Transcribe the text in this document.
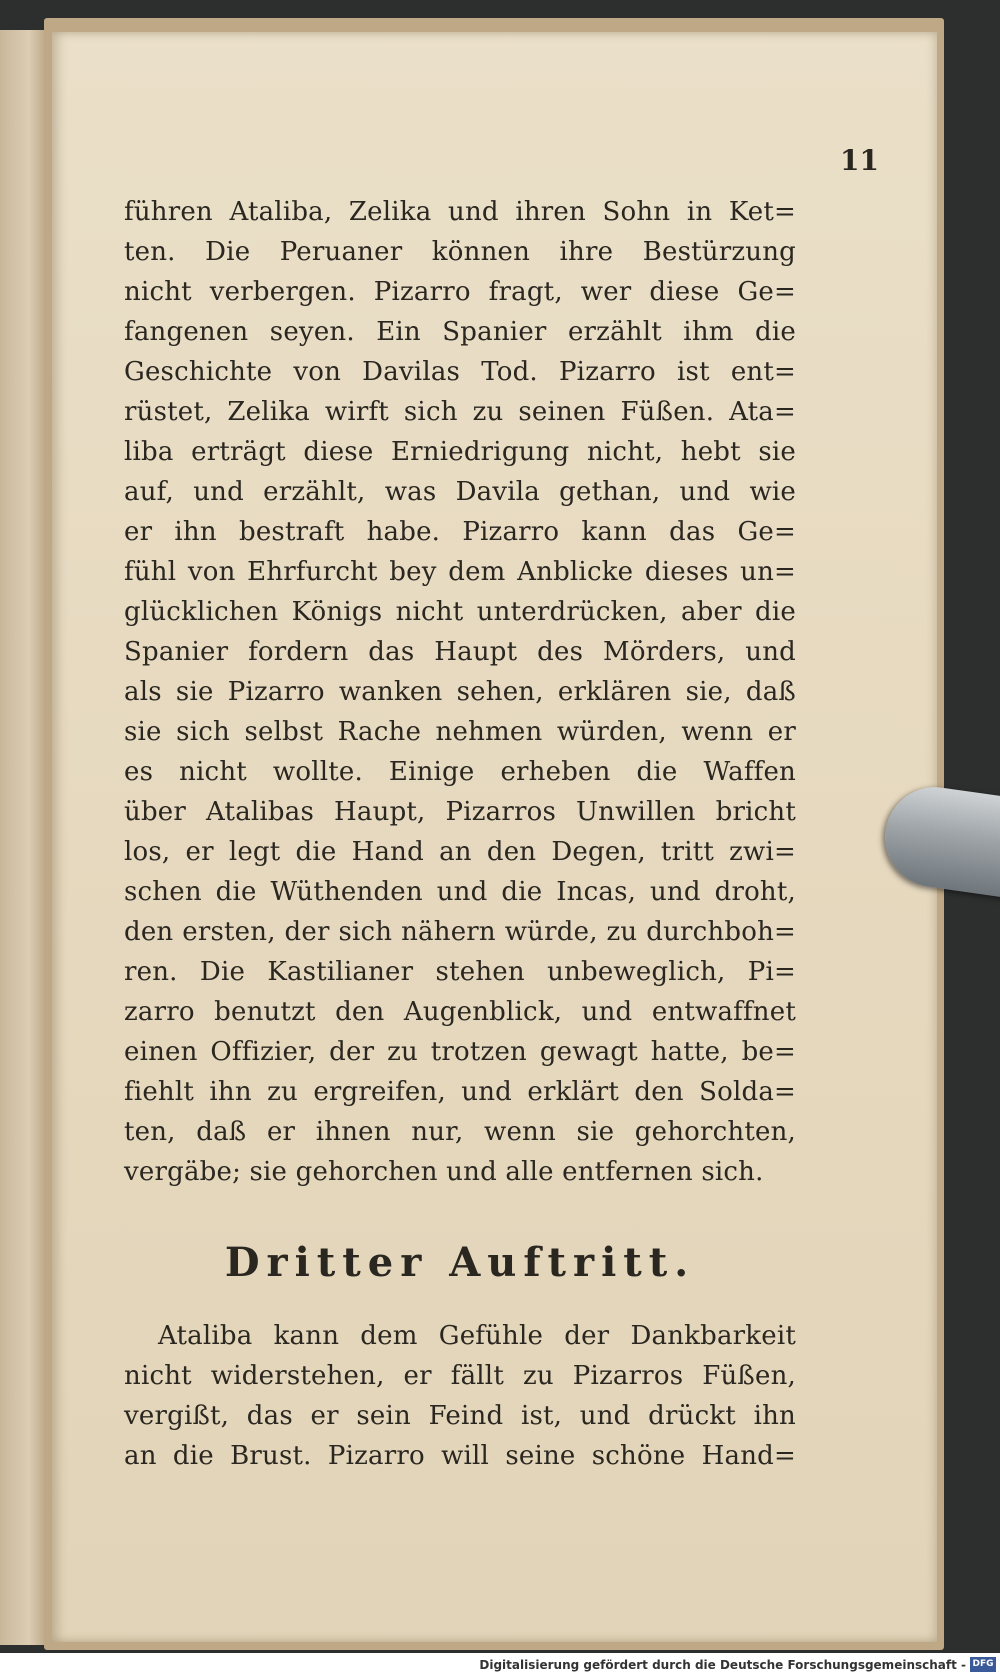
11

führen Ataliba, Zelika und ihren Sohn in Ket=
ten. Die Peruaner können ihre Bestürzung
nicht verbergen. Pizarro fragt, wer diese Ge=
fangenen seyen. Ein Spanier erzählt ihm die
Geschichte von Davilas Tod. Pizarro ist ent=
rüstet, Zelika wirft sich zu seinen Füßen. Ata=
liba erträgt diese Erniedrigung nicht, hebt sie
auf, und erzählt, was Davila gethan, und wie
er ihn bestraft habe. Pizarro kann das Ge=
fühl von Ehrfurcht bey dem Anblicke dieses un=
glücklichen Königs nicht unterdrücken, aber die
Spanier fordern das Haupt des Mörders, und
als sie Pizarro wanken sehen, erklären sie, daß
sie sich selbst Rache nehmen würden, wenn er
es nicht wollte. Einige erheben die Waffen
über Atalibas Haupt, Pizarros Unwillen bricht
los, er legt die Hand an den Degen, tritt zwi=
schen die Wüthenden und die Incas, und droht,
den ersten, der sich nähern würde, zu durchboh=
ren. Die Kastilianer stehen unbeweglich, Pi=
zarro benutzt den Augenblick, und entwaffnet
einen Offizier, der zu trotzen gewagt hatte, be=
fiehlt ihn zu ergreifen, und erklärt den Solda=
ten, daß er ihnen nur, wenn sie gehorchten,
vergäbe; sie gehorchen und alle entfernen sich.
Dritter Auftritt.
Ataliba kann dem Gefühle der Dankbarkeit
nicht widerstehen, er fällt zu Pizarros Füßen,
vergißt, das er sein Feind ist, und drückt ihn
an die Brust. Pizarro will seine schöne Hand=

Digitalisierung gefördert durch die Deutsche Forschungsgemeinschaft - DFG
